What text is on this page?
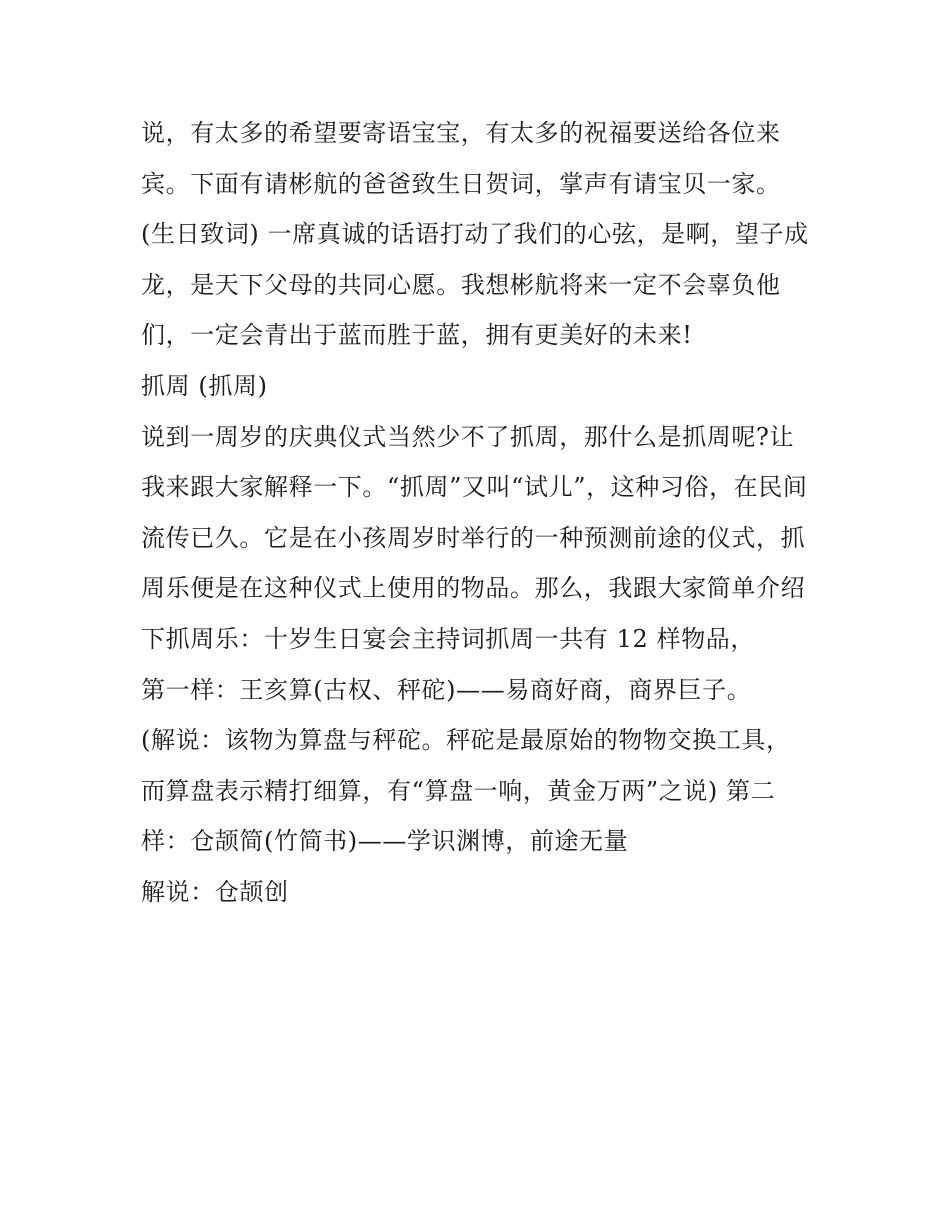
说，有太多的希望要寄语宝宝，有太多的祝福要送给各位来
宾。下面有请彬航的爸爸致生日贺词，掌声有请宝贝一家。
(生日致词) 一席真诚的话语打动了我们的心弦，是啊，望子成
龙，是天下父母的共同心愿。我想彬航将来一定不会辜负他
们，一定会青出于蓝而胜于蓝，拥有更美好的未来!
抓周 (抓周)
说到一周岁的庆典仪式当然少不了抓周，那什么是抓周呢?让
我来跟大家解释一下。“抓周”又叫“试儿”，这种习俗，在民间
流传已久。它是在小孩周岁时举行的一种预测前途的仪式，抓
周乐便是在这种仪式上使用的物品。那么，我跟大家简单介绍
下抓周乐：十岁生日宴会主持词抓周一共有 12 样物品，
第一样：王亥算(古权、秤砣)——易商好商，商界巨子。
(解说：该物为算盘与秤砣。秤砣是最原始的物物交换工具，
而算盘表示精打细算，有“算盘一响，黄金万两”之说) 第二
样：仓颉简(竹简书)——学识渊博，前途无量
解说：仓颉创
